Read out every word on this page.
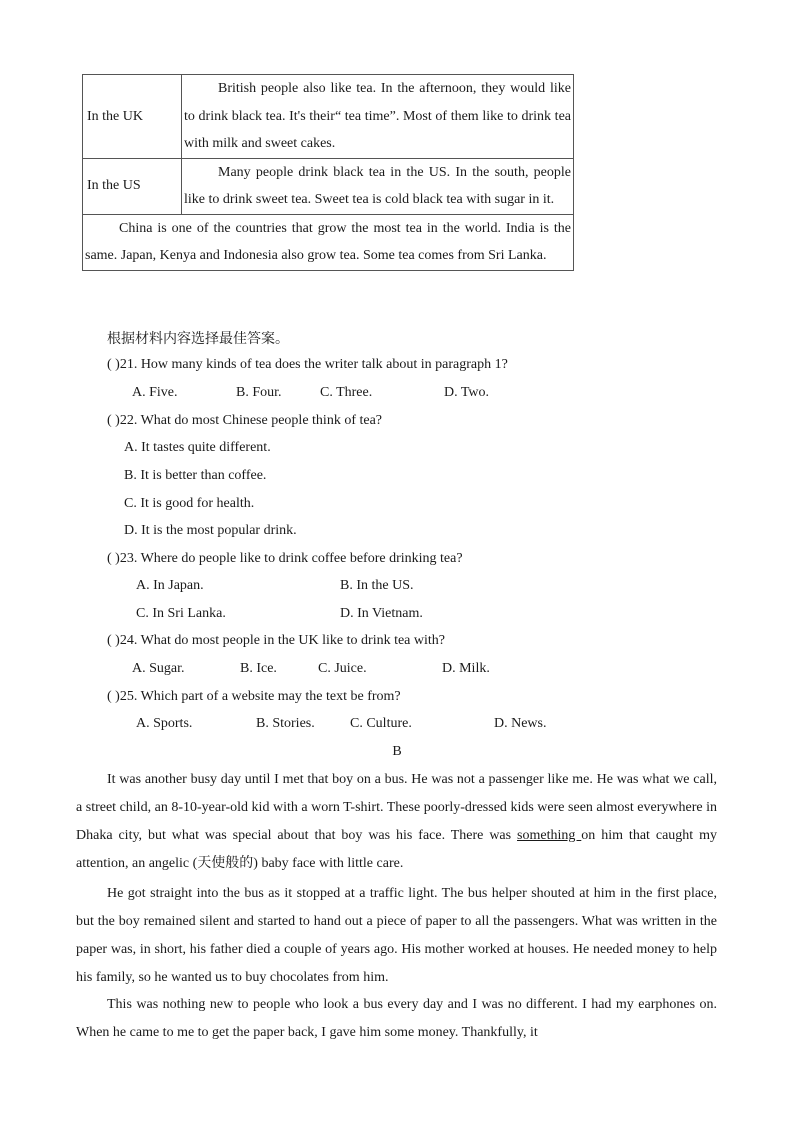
In the UK	British people also like tea. In the afternoon, they would like to drink black tea. It's their“ tea time”. Most of them like to drink tea with milk and sweet cakes.
In the US	Many people drink black tea in the US. In the south, people like to drink sweet tea. Sweet tea is cold black tea with sugar in it.
China is one of the countries that grow the most tea in the world. India is the same. Japan, Kenya and Indonesia also grow tea. Some tea comes from Sri Lanka.	
根据材料内容选择最佳答案。
( )21. How many kinds of tea does the writer talk about in paragraph 1?
A. Five.	B. Four.	C. Three.	D. Two.
( )22. What do most Chinese people think of tea?
A. It tastes quite different.
B. It is better than coffee.
C. It is good for health.
D. It is the most popular drink.
( )23. Where do people like to drink coffee before drinking tea?
A. In Japan.	B. In the US.
C. In Sri Lanka.	D. In Vietnam.
( )24. What do most people in the UK like to drink tea with?
A. Sugar.	B. Ice.	C. Juice.	D. Milk.
( )25. Which part of a website may the text be from?
A. Sports.	B. Stories.	C. Culture.	D. News.
B

It was another busy day until I met that boy on a bus. He was not a passenger like me. He was what we call, a street child, an 8-10-year-old kid with a worn T-shirt. These poorly-dressed kids were seen almost everywhere in Dhaka city, but what was special about that boy was his face. There was something on him that caught my attention, an angelic (天使般的) baby face with little care.

He got straight into the bus as it stopped at a traffic light. The bus helper shouted at him in the first place, but the boy remained silent and started to hand out a piece of paper to all the passengers. What was written in the paper was, in short, his father died a couple of years ago. His mother worked at houses. He needed money to help his family, so he wanted us to buy chocolates from him.

This was nothing new to people who look a bus every day and I was no different. I had my earphones on. When he came to me to get the paper back, I gave him some money. Thankfully, it
